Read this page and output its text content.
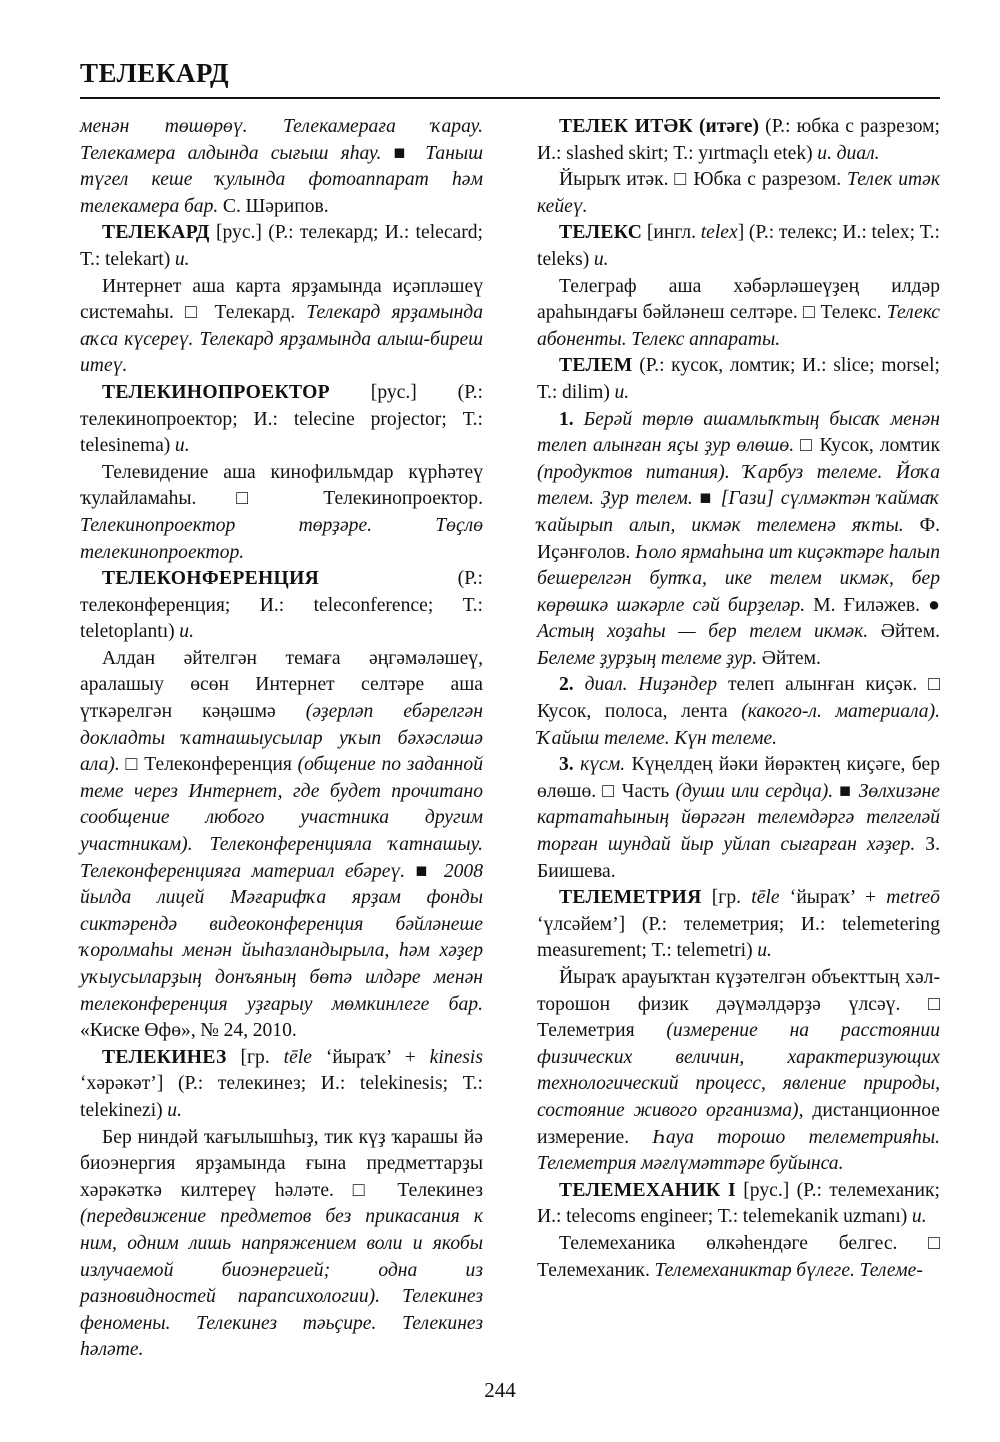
ТЕЛЕКАРД

менән төшөрөү. Телекамераға ҡарау. Телекамера алдында сығыш яһау. ■ Таныш түгел кеше ҡулында фотоаппарат һәм телекамера бар. С. Шәрипов.

ТЕЛЕКАРД [рус.] (Р.: телекард; И.: telecard; Т.: telekart) и.

Интернет аша карта ярҙамында иҫәпләшеү системаһы. □ Телекард. Телекард ярҙамында аҡса күсереү. Телекард ярҙамында алыш-биреш итеү.

ТЕЛЕКИНОПРОЕКТОР [рус.] (Р.: телекинопроектор; И.: telecine projector; Т.: telesinema) и.

Телевидение аша кинофильмдар күрһәтеү ҡулайламаһы. □ Телекинопроектор. Телекинопроектор төрҙәре. Төҫлө телекинопроектор.

ТЕЛЕКОНФЕРЕНЦИЯ (Р.: телеконференция; И.: teleconference; Т.: teletoplantı) и.

Алдан әйтелгән темаға әңгәмәләшеү, аралашыу өсөн Интернет селтәре аша үткәрелгән кәңәшмә (әҙерләп ебәрелгән докладты ҡатнашыусылар уҡып бәхәсләшә ала). □ Телеконференция (общение по заданной теме через Интернет, где будет прочитано сообщение любого участника другим участникам). Телеконференцияла ҡатнашыу. Телеконференцияға материал ебәреү. ■ 2008 йылда лицей Мәғарифҡа ярҙам фонды сиктәрендә видеоконференция бәйләнеше ҡоролмаһы менән йыһазландырыла, һәм хәҙер уҡыусыларҙың донъяның бөтә илдәре менән телеконференция уҙғарыу мөмкинлеге бар. «Киске Өфө», № 24, 2010.

ТЕЛЕКИНЕЗ [гр. tēle ‘йыраҡ’ + kinesis ‘хәрәкәт’] (Р.: телекинез; И.: telekinesis; Т.: telekinezi) и.

Бер ниндәй ҡағылышһыҙ, тик күҙ ҡарашы йә биоэнергия ярҙамында ғына предметтарҙы хәрәкәткә килтереү һәләте. □ Телекинез (передвижение предметов без прикасания к ним, одним лишь напряжением воли и якобы излучаемой биоэнергией; одна из разновидностей парапсихологии). Телекинез феномены. Телекинез тәьҫире. Телекинез һәләте.

ТЕЛЕК ИТӘК (итәге) (Р.: юбка с разрезом; И.: slashed skirt; Т.: yırtmaçlı etek) и. диал.

Йырыҡ итәк. □ Юбка с разрезом. Телек итәк кейеү.

ТЕЛЕКС [ингл. telex] (Р.: телекс; И.: telex; Т.: teleks) и.

Телеграф аша хәбәрләшеүҙең илдәр араһындағы бәйләнеш селтәре. □ Телекс. Телекс абоненты. Телекс аппараты.

ТЕЛЕМ (Р.: кусок, ломтик; И.: slice; morsel; Т.: dilim) и.

1. Берәй төрлө ашамлыҡтың бысаҡ менән телеп алынған яҫы ҙур өлөшө. □ Кусок, ломтик (продуктов питания). Ҡарбуз телеме. Йоҡа телем. Ҙур телем. ■ [Гази] сүлмәктән ҡаймаҡ ҡайырып алып, икмәк телеменә яҡты. Ф. Иҫәнғолов. Һоло ярмаһына ит киҫәктәре һалып бешерелгән бутҡа, ике телем икмәк, бер көрөшкә шәкәрле сәй бирҙеләр. М. Ғиләжев. ● Астың хоҙаһы — бер телем икмәк. Әйтем. Белеме ҙурҙың телеме ҙур. Әйтем.

2. диал. Ниҙәндер телеп алынған киҫәк. □ Кусок, полоса, лента (какого-л. материала). Ҡайыш телеме. Күн телеме.

3. күсм. Күңелдең йәки йөрәктең киҫәге, бер өлөшө. □ Часть (души или сердца). ■ Зөлхизәне картатаһының йөрәгән телемдәргә телгеләй торған шундай йыр уйлап сығарған хәҙер. З. Биишева.

ТЕЛЕМЕТРИЯ [гр. tēle ‘йыраҡ’ + metreō ‘үлсәйем’] (Р.: телеметрия; И.: telemetering measurement; Т.: telemetri) и.

Йыраҡ арауыҡтан күҙәтелгән объекттың хәл-торошон физик дәүмәлдәрҙә үлсәү. □ Телеметрия (измерение на расстоянии физических величин, характеризующих технологический процесс, явление природы, состояние живого организма), дистанционное измерение. Һауа торошо телеметрияһы. Телеметрия мәғлүмәттәре буйынса.

ТЕЛЕМЕХАНИК I [рус.] (Р.: телемеханик; И.: telecoms engineer; Т.: telemekanik uzmanı) и.

Телемеханика өлкәһендәге белгес. □ Телемеханик. Телемеханиктар бүлеге. Телеме-

244
